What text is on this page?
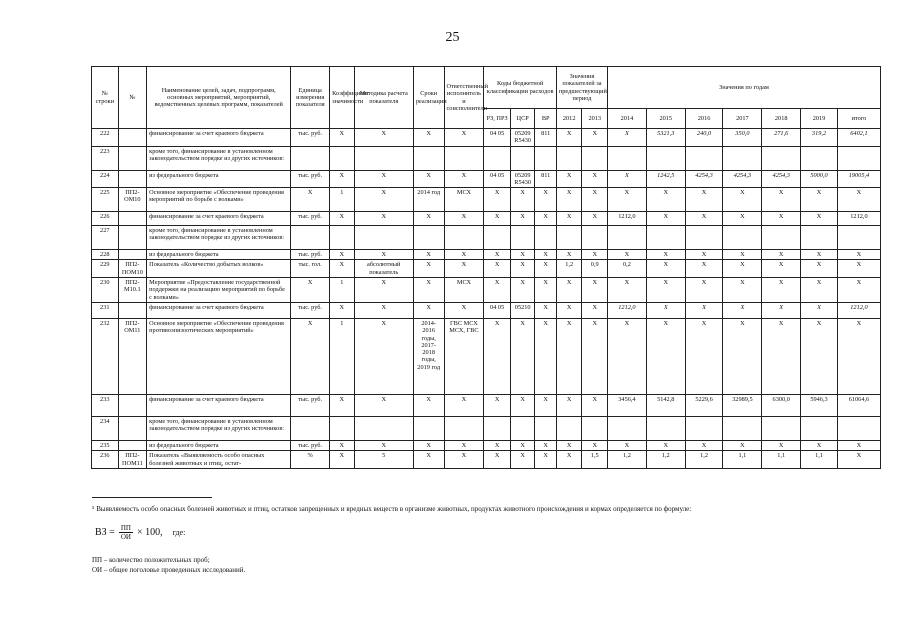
25
№ строки	№	Наименование целей, задач, подпрограмм, основных мероприятий, мероприятий, ведомственных целевых программ, показателей	Единица измерения показателя	Коэффициент значимости	Методика расчета показателя	Сроки реализации	Ответственный исполнитель и соисполнители	Коды бюджетной классификации расходов			Значения показателей за предшествующий период		Значения по годам						
								РЗ, ПРЗ	ЦСР	ВР	2012	2013	2014	2015	2016	2017	2018	2019	итого
222		финансирование за счет краевого бюджета	тыс. руб.	Х	Х	Х	Х	04 05	05209 R5430	811	Х	Х	Х	5321,3	240,0	350,0	271,6	319,2	6402,1
223		кроме того, финансирование в установленном законодательством порядке из других источников:																	
224		из федерального бюджета	тыс. руб.	Х	Х	Х	Х	04 05	05209 R5430	811	Х	Х	Х	1242,5	4254,3	4254,3	4254,3	5000,0	19005,4
225	ПП2-ОМ10	Основное мероприятие «Обеспечение проведения мероприятий по борьбе с волками»	Х	1	Х	2014 год	МСХ	Х	Х	Х	Х	Х	Х	Х	Х	Х	Х	Х	Х
226		финансирование за счет краевого бюджета	тыс. руб.	Х	Х	Х	Х	Х	Х	Х	Х	Х	1212,0	Х	Х	Х	Х	Х	1212,0
227		кроме того, финансирование в установленном законодательством порядке из других источников:																	
228		из федерального бюджета	тыс. руб.	Х	Х	Х	Х	Х	Х	Х	Х	Х	Х	Х	Х	Х	Х	Х	Х
229	ПП2-ПОМ10	Показатель «Количество добытых волков»	тыс. гол.	Х	абсолютный показатель	Х	Х	Х	Х	Х	1,2	0,9	0,2	Х	Х	Х	Х	Х	Х
230	ПП2-М10.1	Мероприятие «Предоставление государственной поддержки на реализацию мероприятий по борьбе с волками»	Х	1	Х	Х	МСХ	Х	Х	Х	Х	Х	Х	Х	Х	Х	Х	Х	Х
231		финансирование за счет краевого бюджета	тыс. руб.	Х	Х	Х	Х	04 05	05210	Х	Х	Х	1212,0	Х	Х	Х	Х	Х	1212,0
232	ПП2-ОМ11	Основное мероприятие «Обеспечение проведения противоэпизоотических мероприятий»	Х	1	Х	2014-2016 годы, 2017-2018 годы, 2019 год	ГВС МСХ МСХ, ГВС	Х	Х	Х	Х	Х	Х	Х	Х	Х	Х	Х	Х
233		финансирование за счет краевого бюджета	тыс. руб.	Х	Х	Х	Х	Х	Х	Х	Х	Х	3456,4	5142,8	5229,6	32989,5	6300,0	5946,3	61064,6
234		кроме того, финансирование в установленном законодательством порядке из других источников:																	
235		из федерального бюджета	тыс. руб.	Х	Х	Х	Х	Х	Х	Х	Х	Х	Х	Х	Х	Х	Х	Х	Х
236	ПП2-ПОМ11	Показатель «Выявляемость особо опасных болезней животных и птиц, остат-	%	Х	5	Х	Х	Х	Х	Х	Х	1,5	1,2	1,2	1,2	1,1	1,1	1,1	Х
⁵ Выявляемость особо опасных болезней животных и птиц, остатков запрещенных и вредных веществ в организме животных, продуктах животного происхождения и кормах определяется по формуле:
ВЗ = $\frac{ПП}{ОИ} \times 100$, где:
ПП – количество положительных проб;
ОИ – общее поголовье проведенных исследований.
